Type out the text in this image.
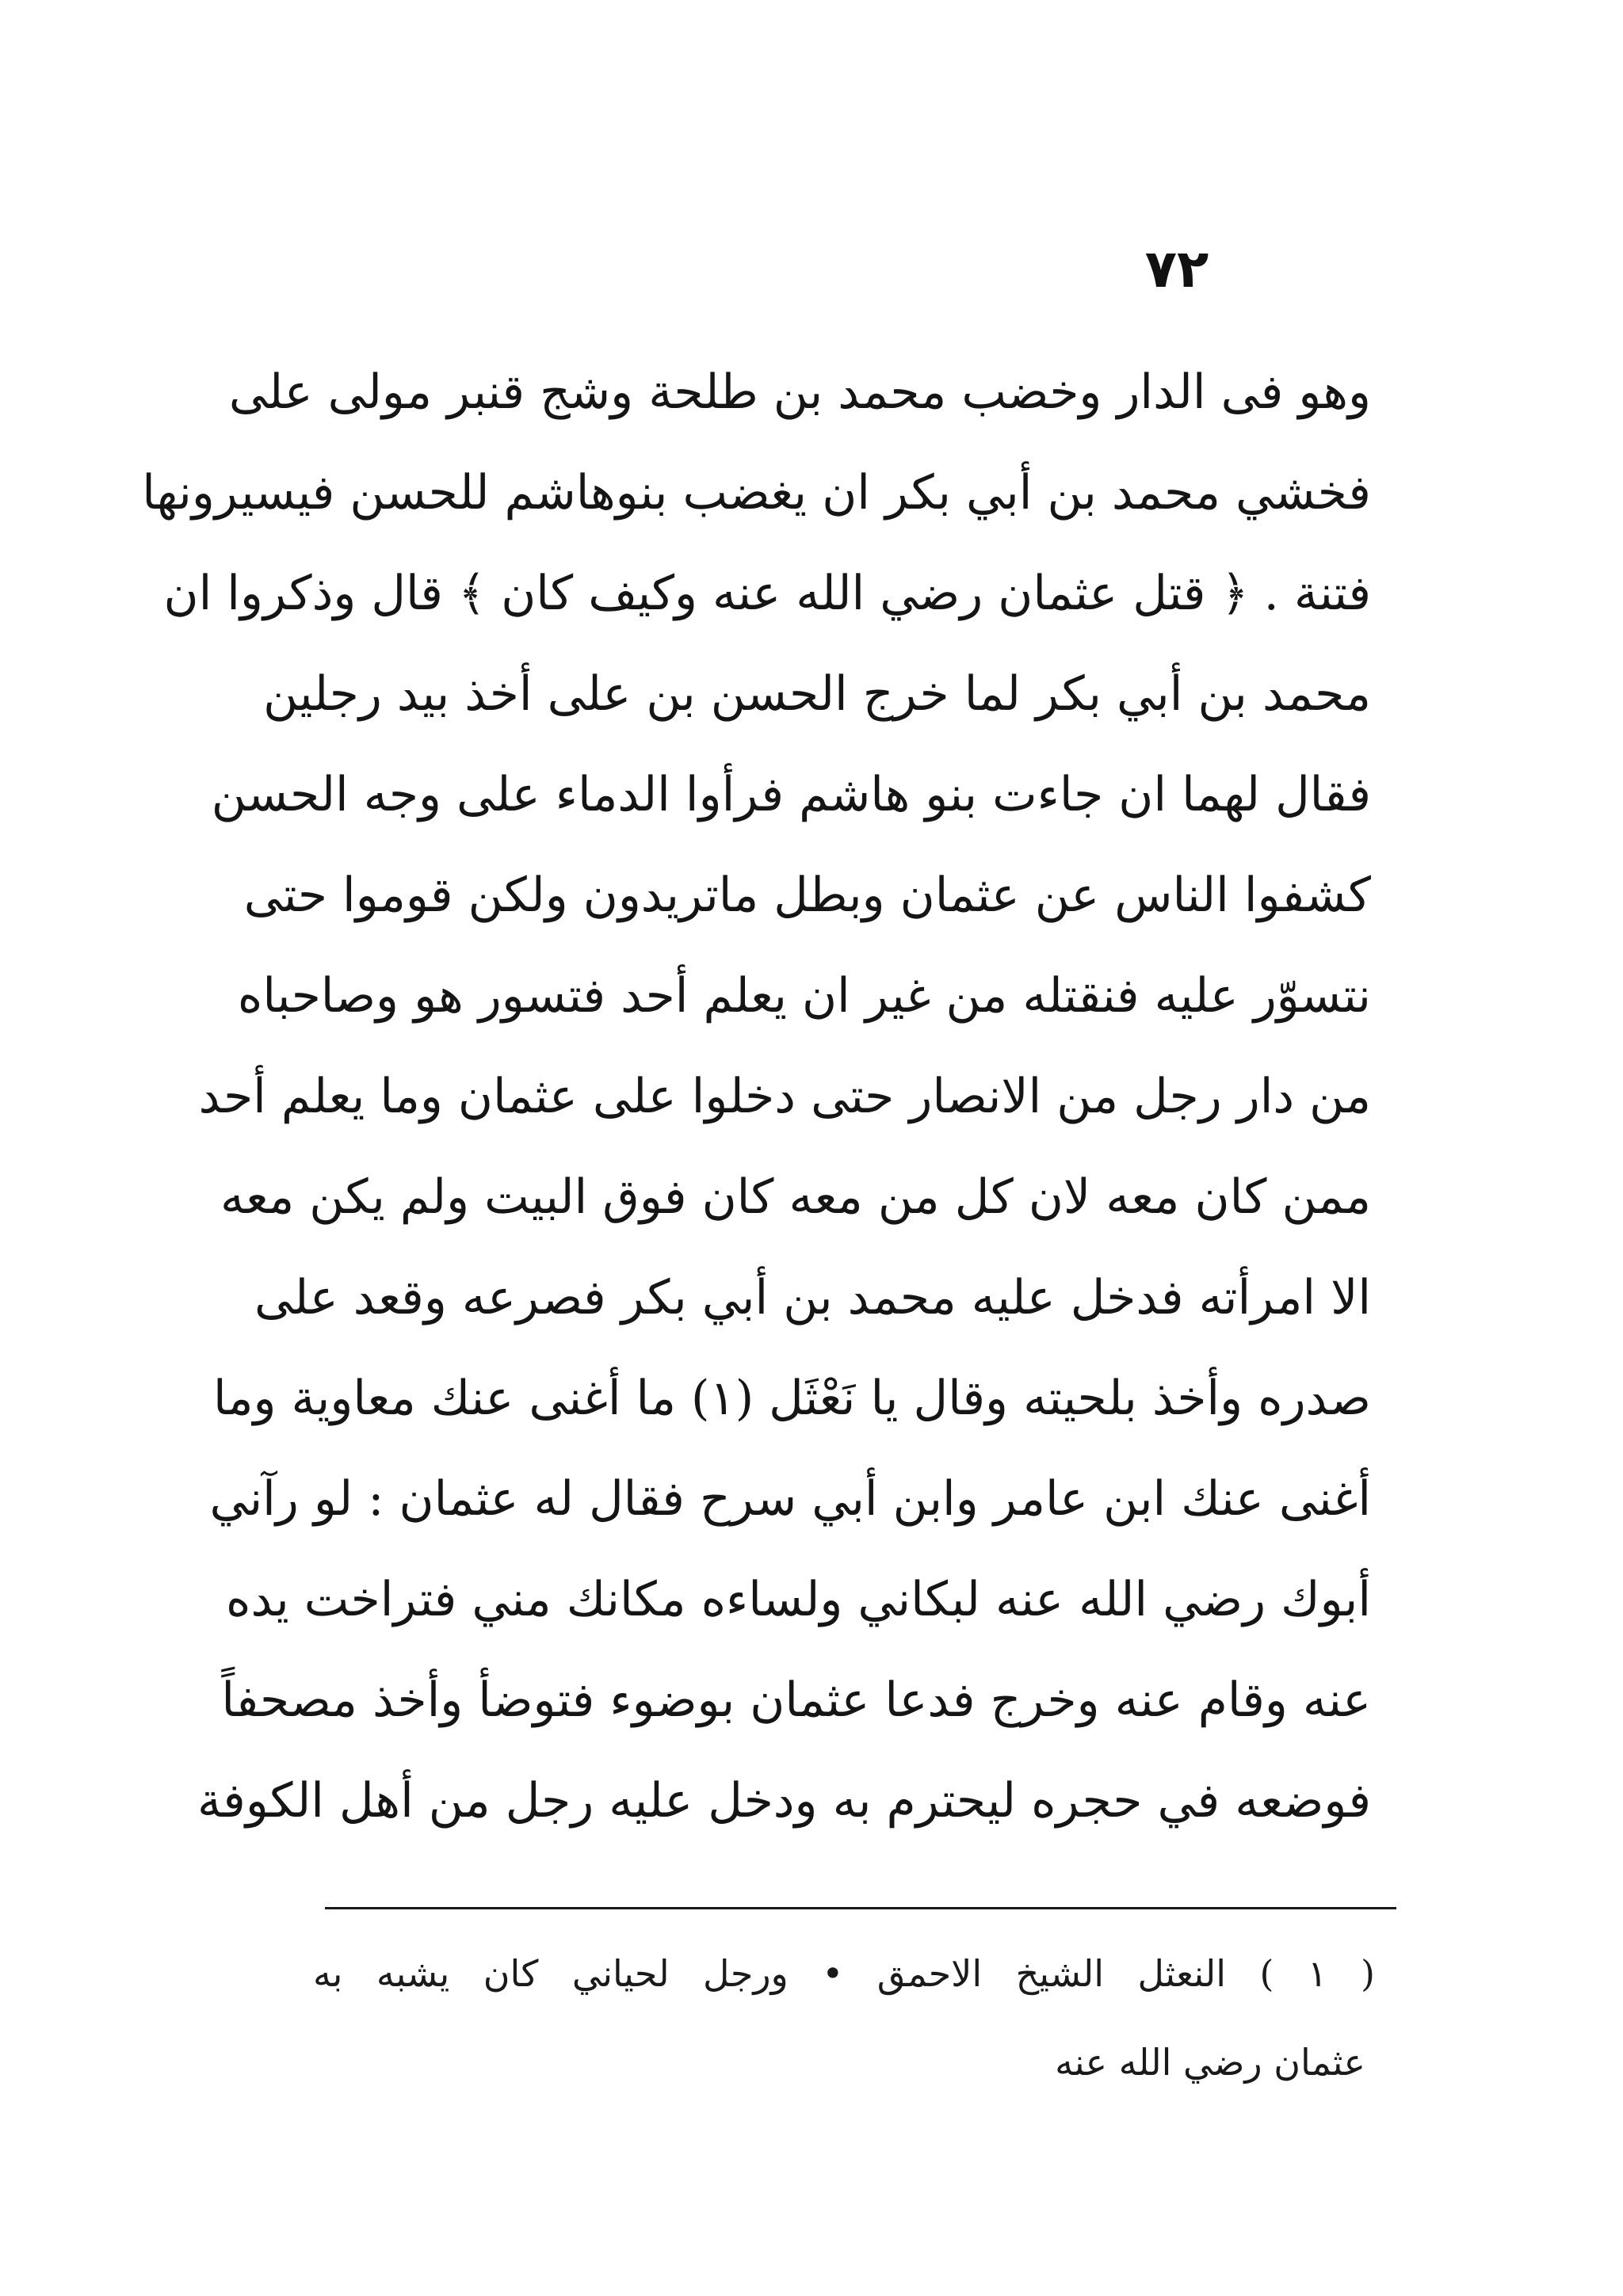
٧٢
وهو فى الدار وخضب محمد بن طلحة وشج قنبر مولى على
فخشي محمد بن أبي بكر ان يغضب بنوهاشم للحسن فيسيرونها
فتنة . ﴿ قتل عثمان رضي الله عنه وكيف كان ﴾ قال وذكروا ان
محمد بن أبي بكر لما خرج الحسن بن على أخذ بيد رجلين
فقال لهما ان جاءت بنو هاشم فرأوا الدماء على وجه الحسن
كشفوا الناس عن عثمان وبطل ماتريدون ولكن قوموا حتى
نتسوّر عليه فنقتله من غير ان يعلم أحد فتسور هو وصاحباه
من دار رجل من الانصار حتى دخلوا على عثمان وما يعلم أحد
ممن كان معه لان كل من معه كان فوق البيت ولم يكن معه
الا امرأته فدخل عليه محمد بن أبي بكر فصرعه وقعد على
صدره وأخذ بلحيته وقال يا نَعْثَل (١) ما أغنى عنك معاوية وما
أغنى عنك ابن عامر وابن أبي سرح فقال له عثمان : لو رآني
أبوك رضي الله عنه لبكاني ولساءه مكانك مني فتراخت يده
عنه وقام عنه وخرج فدعا عثمان بوضوء فتوضأ وأخذ مصحفاً
فوضعه في حجره ليحترم به ودخل عليه رجل من أهل الكوفة
( ١ ) النعثل الشيخ الاحمق • ورجل لحياني كان يشبه به
عثمان رضي الله عنه
